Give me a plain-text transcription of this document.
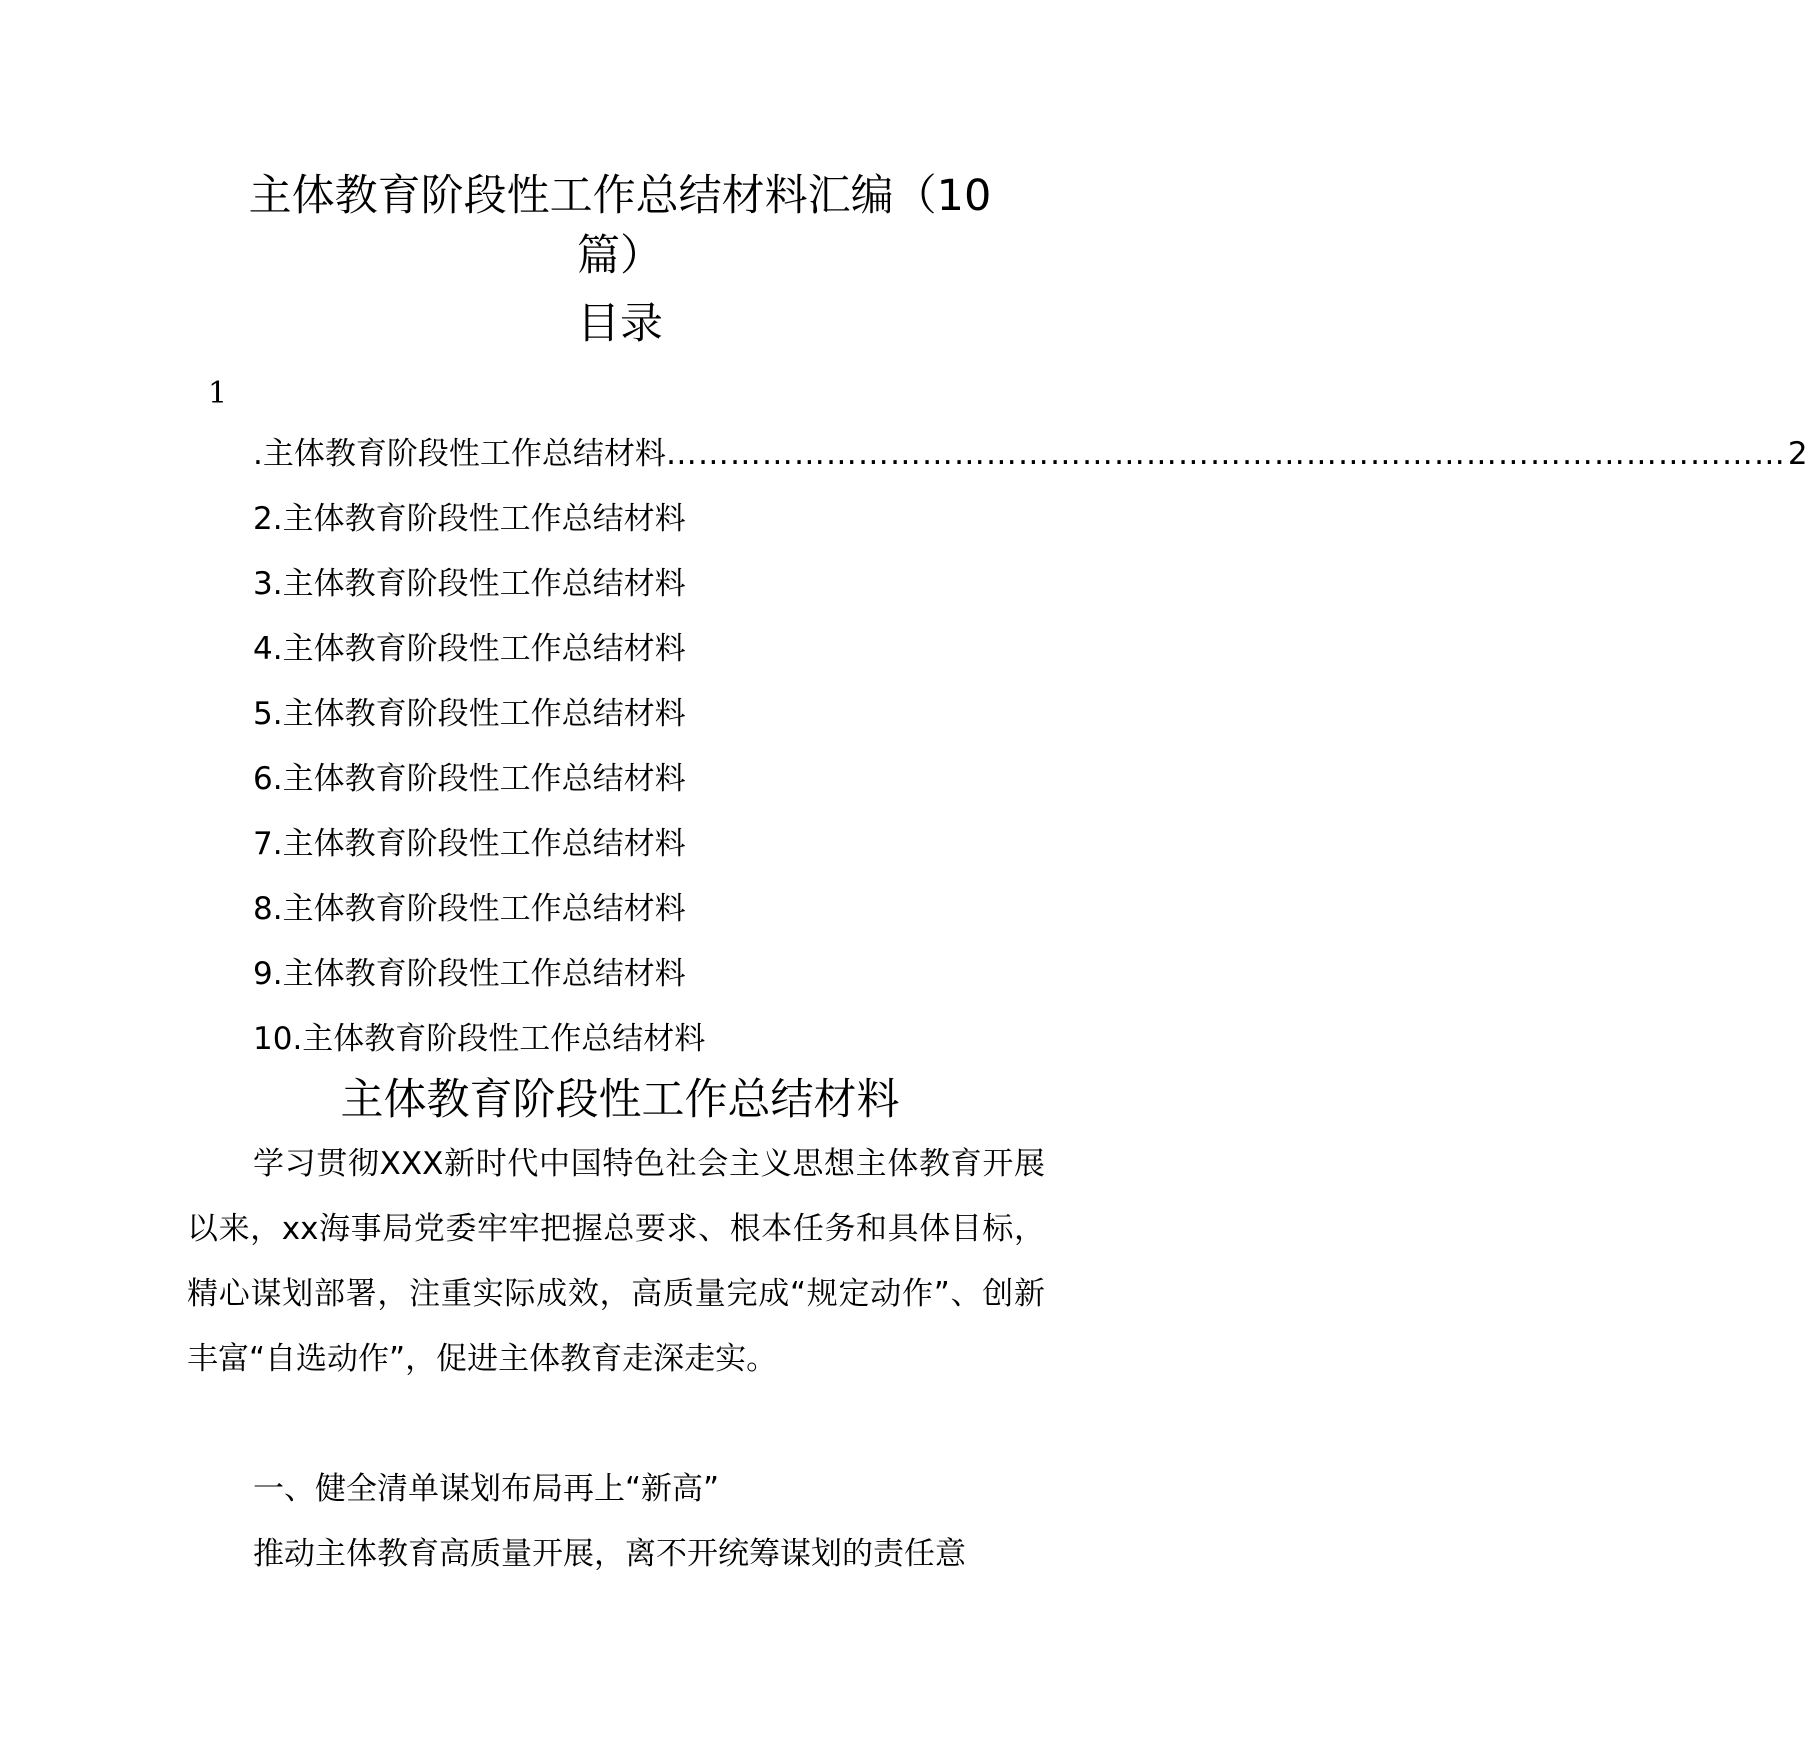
主体教育阶段性工作总结材料汇编（10
篇）
目录
1
.主体教育阶段性工作总结材料 …………………………………………………………………………………………… 2
2.主体教育阶段性工作总结材料
3.主体教育阶段性工作总结材料
4.主体教育阶段性工作总结材料
5.主体教育阶段性工作总结材料
6.主体教育阶段性工作总结材料
7.主体教育阶段性工作总结材料
8.主体教育阶段性工作总结材料
9.主体教育阶段性工作总结材料
10.主体教育阶段性工作总结材料
主体教育阶段性工作总结材料

学习贯彻XXX新时代中国特色社会主义思想主体教育开展以来，xx海事局党委牢牢把握总要求、根本任务和具体目标，精心谋划部署，注重实际成效，高质量完成“规定动作”、创新丰富“自选动作”，促进主体教育走深走实。

一、健全清单谋划布局再上“新高”

推动主体教育高质量开展，离不开统筹谋划的责任意
